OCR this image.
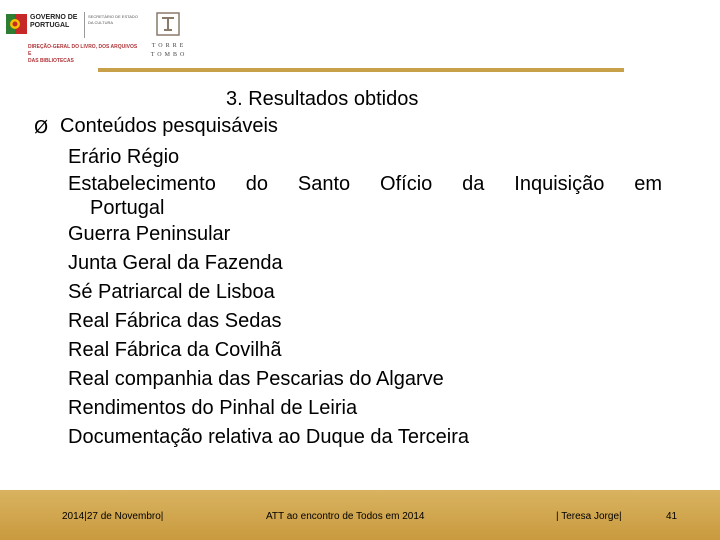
GOVERNO DE
PORTUGAL
SECRETÁRIO DE ESTADO
DA CULTURA
DIREÇÃO-GERAL DO LIVRO, DOS ARQUIVOS E
DAS BIBLIOTECAS
TORRE
TOMBO
3. Resultados obtidos
Ø Conteúdos pesquisáveis
Erário Régio
Estabelecimento do Santo Ofício da Inquisição em
Portugal
Guerra Peninsular
Junta Geral da Fazenda
Sé Patriarcal de Lisboa
Real Fábrica das Sedas
Real Fábrica da Covilhã
Real companhia das Pescarias do Algarve
Rendimentos do Pinhal de Leiria
Documentação relativa ao Duque da Terceira
2014|27 de Novembro|	ATT ao encontro de Todos em 2014	| Teresa Jorge|	41
